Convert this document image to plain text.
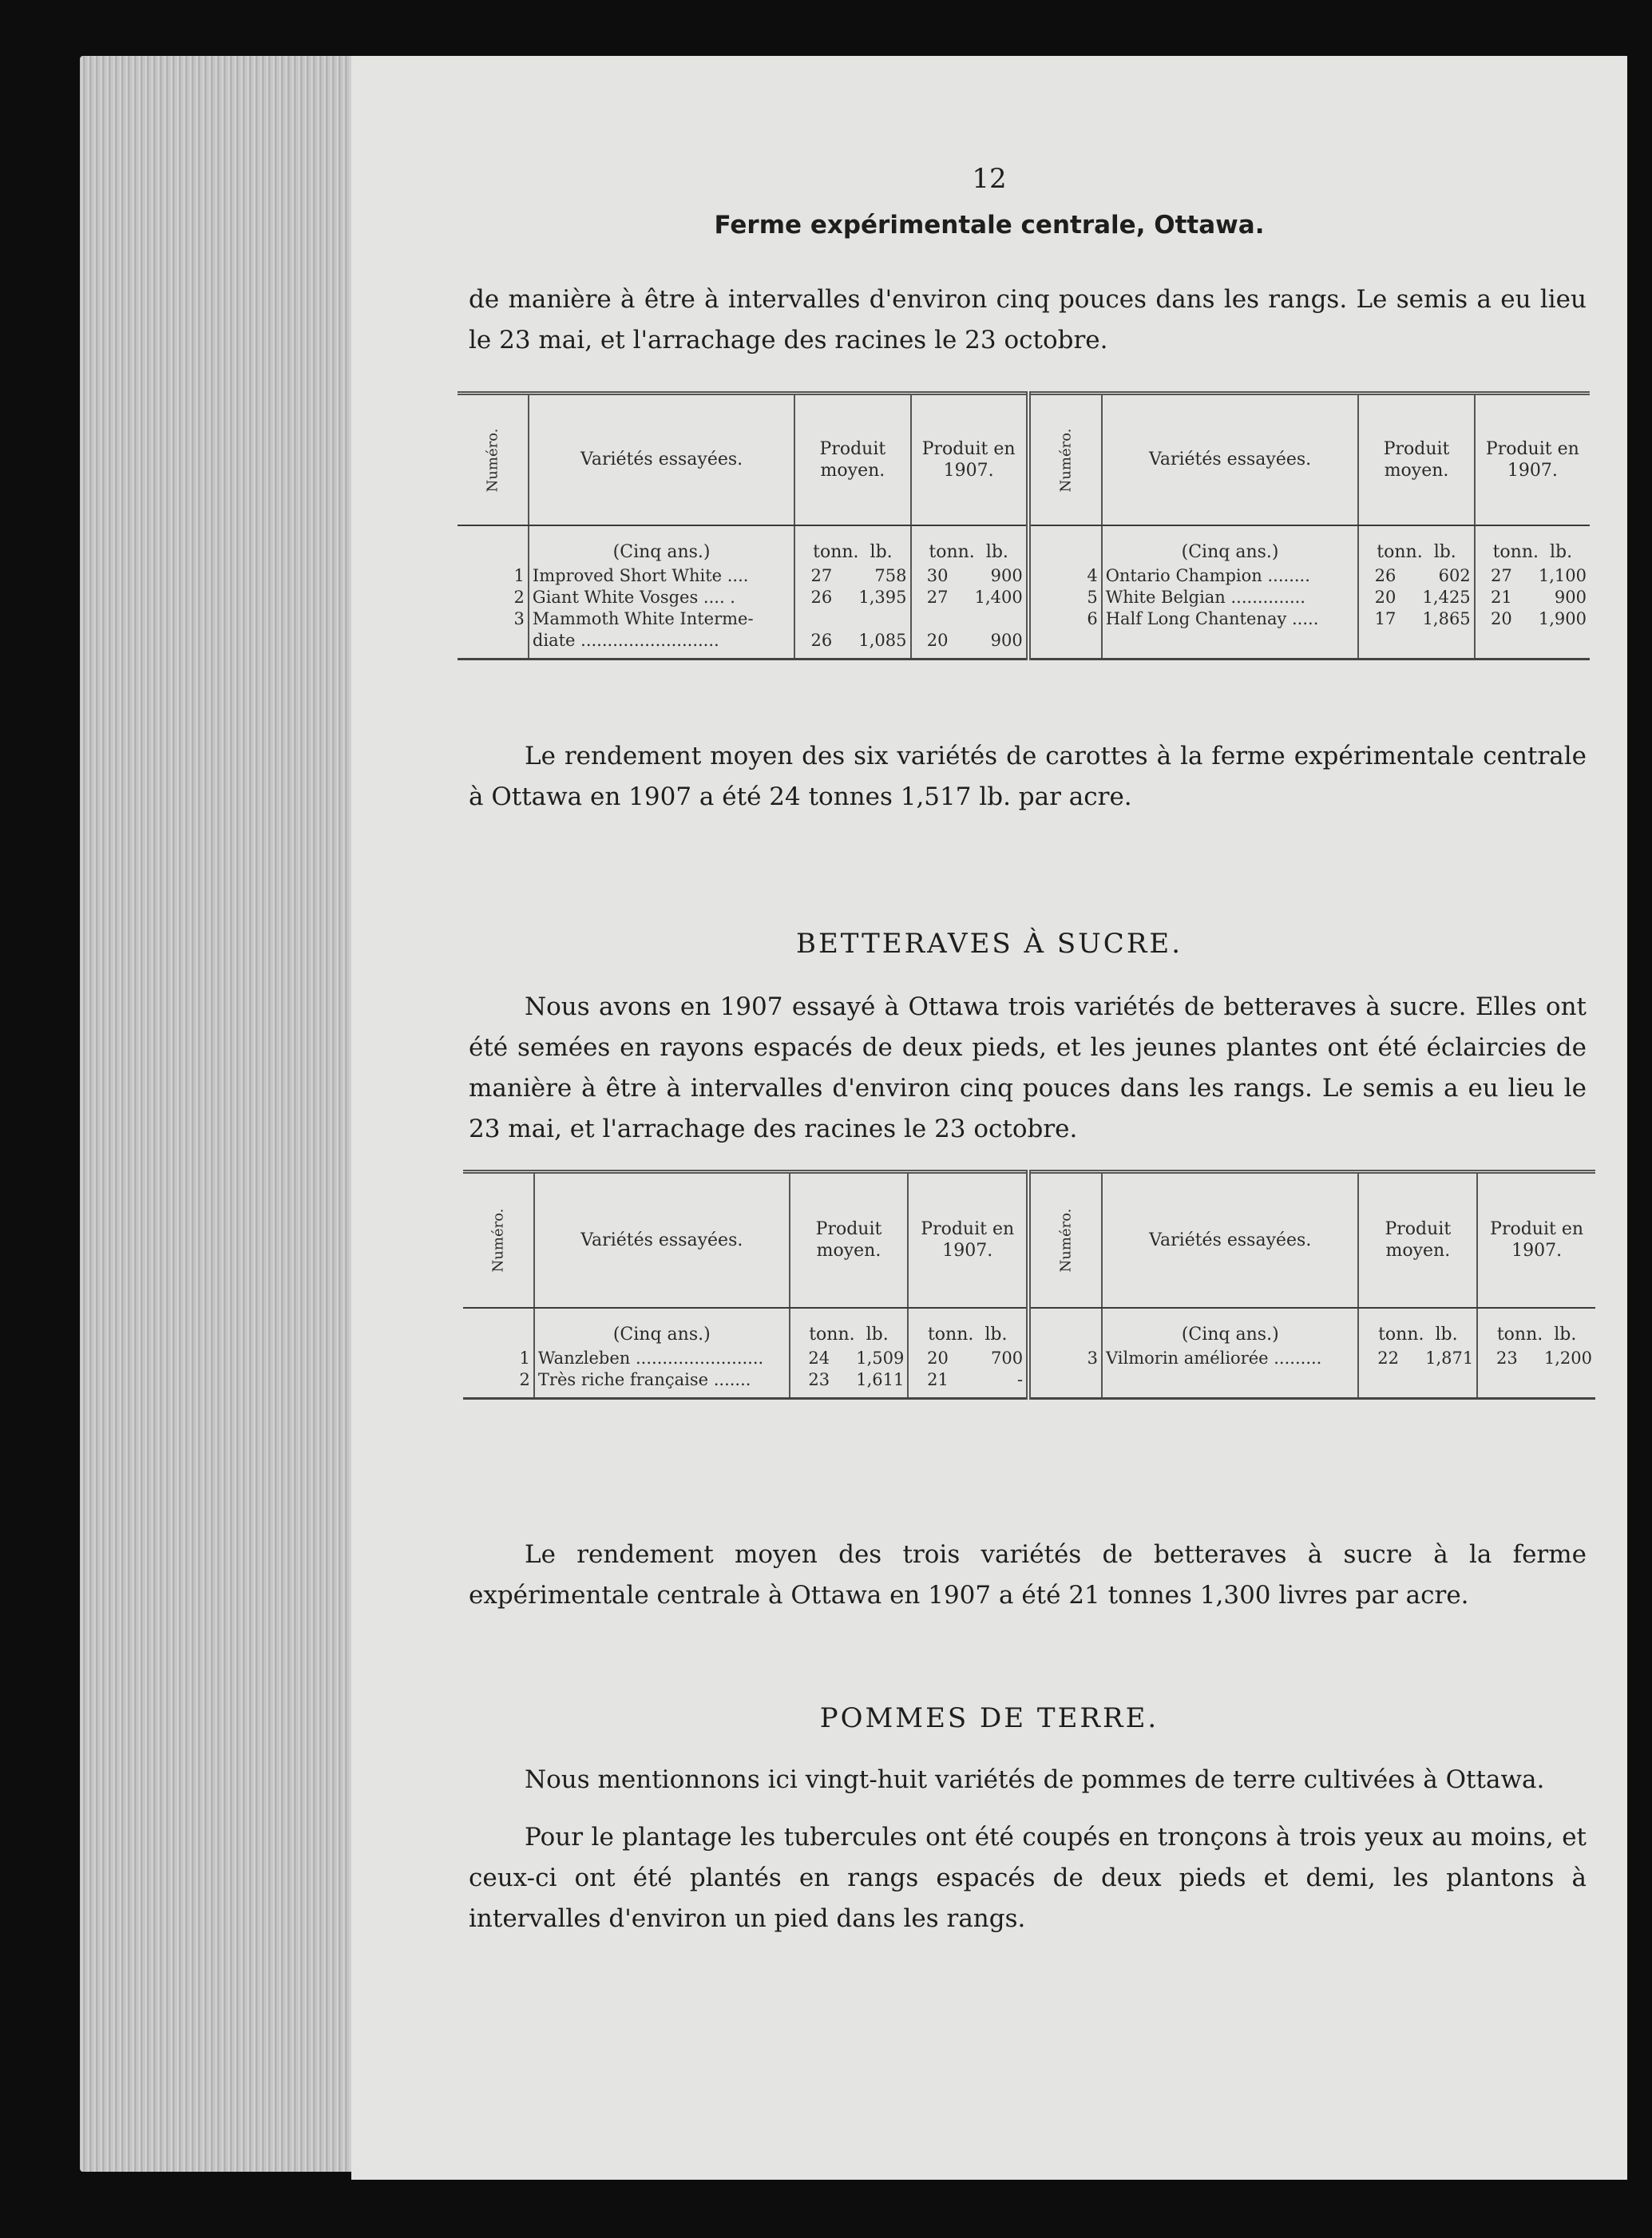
12
Ferme expérimentale centrale, Ottawa.
de manière à être à intervalles d'environ cinq pouces dans les rangs. Le semis a eu lieu le 23 mai, et l'arrachage des racines le 23 octobre.
Numéro.	Variétés essayées.	Produit moyen.	Produit en 1907.	Numéro.	Variétés essayées.	Produit moyen.	Produit en 1907.
	(Cinq ans.)	tonn. lb.	tonn. lb.		(Cinq ans.)	tonn. lb.	tonn. lb.
1	Improved Short White ....	27 758	30 900	4	Ontario Champion ........	26 602	27 1,100
2	Giant White Vosges .... .	26 1,395	27 1,400	5	White Belgian ..............	20 1,425	21 900
3	Mammoth White Interme-			6	Half Long Chantenay .....	17 1,865	20 1,900
	diate ..........................	26 1,085	20 900				

Le rendement moyen des six variétés de carottes à la ferme expérimentale centrale à Ottawa en 1907 a été 24 tonnes 1,517 lb. par acre.
BETTERAVES À SUCRE.
Nous avons en 1907 essayé à Ottawa trois variétés de betteraves à sucre. Elles ont été semées en rayons espacés de deux pieds, et les jeunes plantes ont été éclaircies de manière à être à intervalles d'environ cinq pouces dans les rangs. Le semis a eu lieu le 23 mai, et l'arrachage des racines le 23 octobre.
Numéro.	Variétés essayées.	Produit moyen.	Produit en 1907.	Numéro.	Variétés essayées.	Produit moyen.	Produit en 1907.
	(Cinq ans.)	tonn. lb.	tonn. lb.		(Cinq ans.)	tonn. lb.	tonn. lb.
1	Wanzleben ........................	24 1,509	20 700	3	Vilmorin améliorée .........	22 1,871	23 1,200
2	Très riche française .......	23 1,611	21 -				

Le rendement moyen des trois variétés de betteraves à sucre à la ferme expérimentale centrale à Ottawa en 1907 a été 21 tonnes 1,300 livres par acre.
POMMES DE TERRE.
Nous mentionnons ici vingt-huit variétés de pommes de terre cultivées à Ottawa.
Pour le plantage les tubercules ont été coupés en tronçons à trois yeux au moins, et ceux-ci ont été plantés en rangs espacés de deux pieds et demi, les plantons à intervalles d'environ un pied dans les rangs.
